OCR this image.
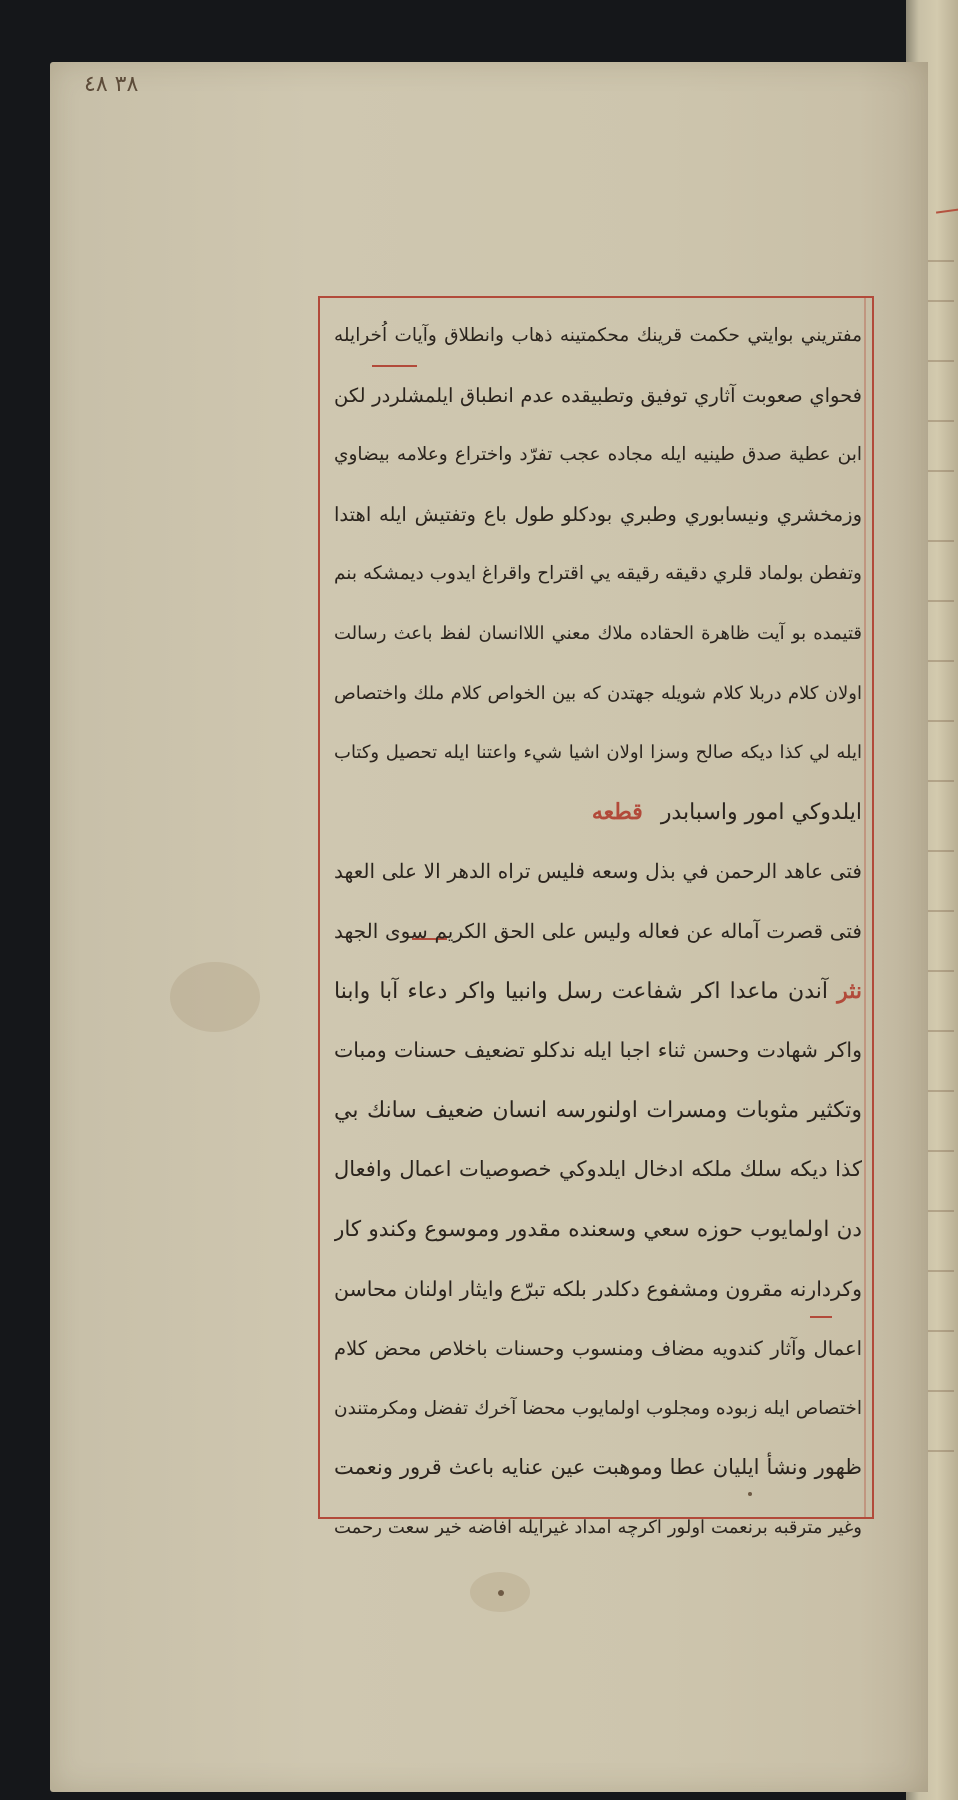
٣٨ ٤٨
مفتريني بوايتي حكمت قرينك محكمتينه ذهاب وانطلاق وآيات اُخرايله
فحواي صعوبت آثاري توفيق وتطبيقده عدم انطباق ايلمشلردر لكن
ابن عطية صدق طينيه ايله مجاده عجب تفرّد واختراع وعلامه بيضاوي
وزمخشري ونيسابوري وطبري بودكلو طول باع وتفتيش ايله اهتدا
وتفطن بولماد قلري دقيقه رقيقه يي اقتراح واقراغ ايدوب ديمشكه بنم
قتيمده بو آيت ظاهرة الحقاده ملاك معني اللاانسان لفظ باعث رسالت
اولان كلام دربلا كلام شويله جهتدن كه بين الخواص كلام ملك واختصاص
ايله لي كذا ديكه صالح وسزا اولان اشيا شيء واعتنا ايله تحصيل وكتاب
ايلدوكي امور واسبابدرقطعه
فتى عاهد الرحمن في بذل وسعه فليس تراه الدهر الا على العهد
فتى قصرت آماله عن فعاله وليس على الحق الكريم سوى الجهد
نثر آندن ماعدا اكر شفاعت رسل وانبيا واكر دعاء آبا وابنا
واكر شهادت وحسن ثناء اجبا ايله ندكلو تضعيف حسنات ومبات
وتكثير مثوبات ومسرات اولنورسه انسان ضعيف سانك بي
كذا ديكه سلك ملكه ادخال ايلدوكي خصوصيات اعمال وافعال
دن اولمايوب حوزه سعي وسعنده مقدور وموسوع وكندو كار
وكردارنه مقرون ومشفوع دكلدر بلكه تبرّع وايثار اولنان محاسن
اعمال وآثار كندويه مضاف ومنسوب وحسنات باخلاص محض كلام
اختصاص ايله زبوده ومجلوب اولمايوب محضا آخرك تفضل ومكرمتندن
ظهور ونشأ ايليان عطا وموهبت عين عنايه باعث قرور ونعمت
وغير مترقبه برنعمت اولور اكرچه امداد غيرايله افاضه خير سعت رحمت
